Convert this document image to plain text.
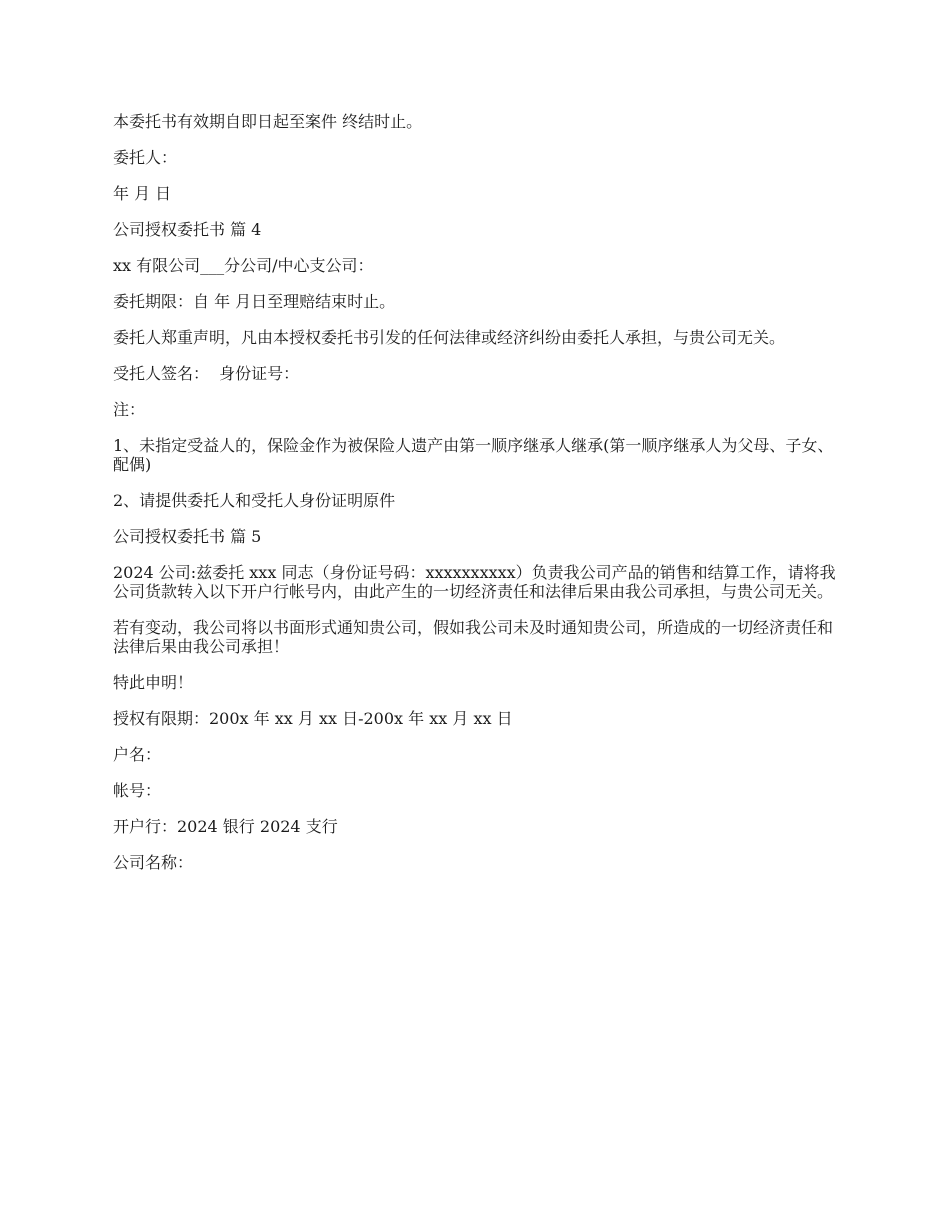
本委托书有效期自即日起至案件 终结时止。

委托人：

年 月 日

公司授权委托书 篇 4

xx 有限公司___分公司/中心支公司：

委托期限：自 年 月日至理赔结束时止。

委托人郑重声明，凡由本授权委托书引发的任何法律或经济纠纷由委托人承担，与贵公司无关。

受托人签名：  身份证号：

注：

1、未指定受益人的，保险金作为被保险人遗产由第一顺序继承人继承(第一顺序继承人为父母、子女、配偶)

2、请提供委托人和受托人身份证明原件

公司授权委托书 篇 5

2024 公司:兹委托 xxx 同志（身份证号码：xxxxxxxxxx）负责我公司产品的销售和结算工作，请将我公司货款转入以下开户行帐号内，由此产生的一切经济责任和法律后果由我公司承担，与贵公司无关。

若有变动，我公司将以书面形式通知贵公司，假如我公司未及时通知贵公司，所造成的一切经济责任和法律后果由我公司承担！

特此申明！

授权有限期：200x 年 xx 月 xx 日-200x 年 xx 月 xx 日

户名：

帐号：

开户行：2024 银行 2024 支行

公司名称：
